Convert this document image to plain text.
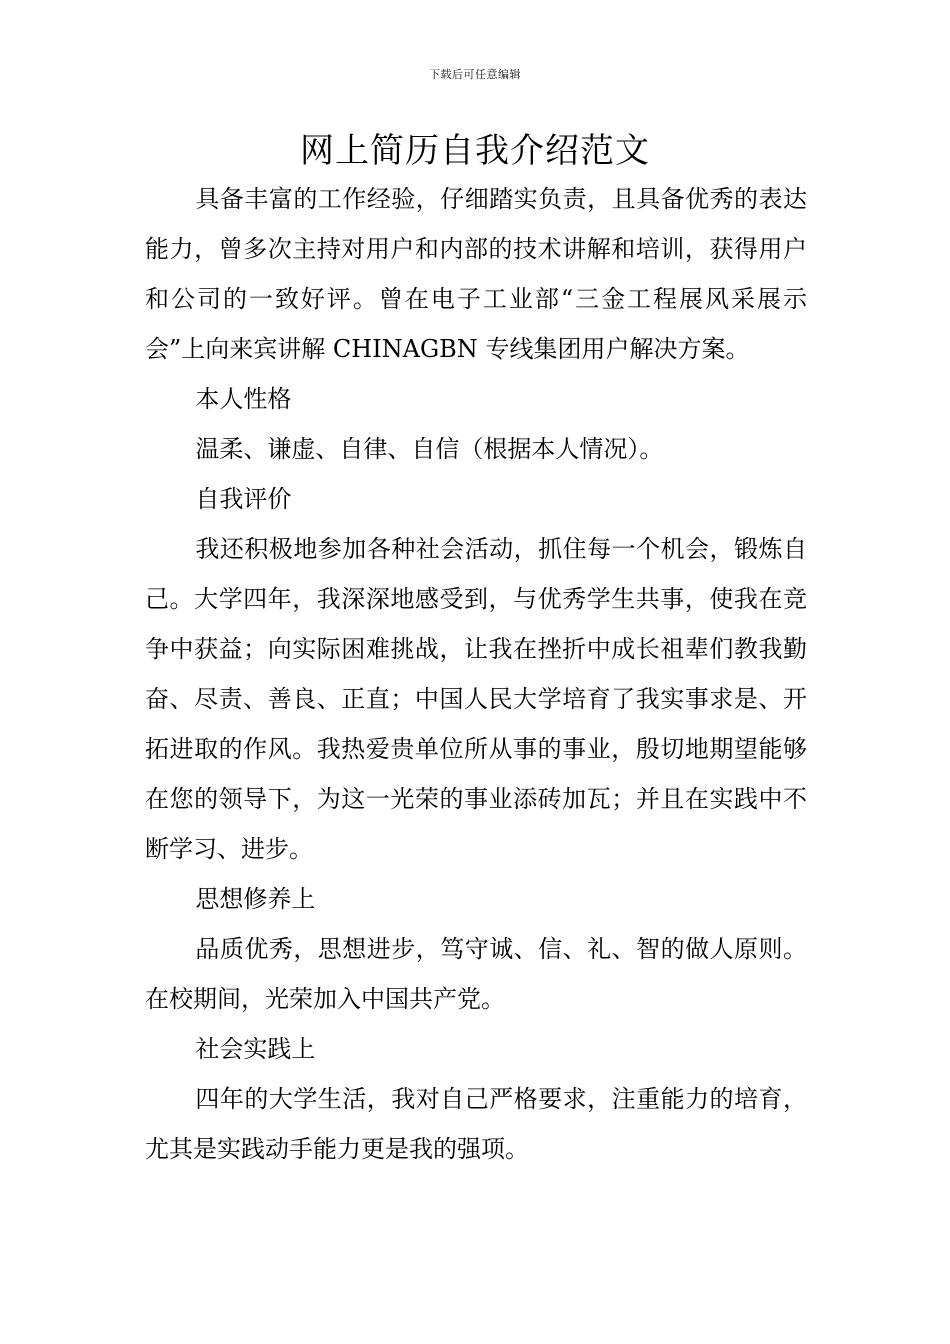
下载后可任意编辑
网上简历自我介绍范文

具备丰富的工作经验，仔细踏实负责，且具备优秀的表达能力，曾多次主持对用户和内部的技术讲解和培训，获得用户和公司的一致好评。曾在电子工业部“三金工程展风采展示会”上向来宾讲解 CHINAGBN 专线集团用户解决方案。

本人性格

温柔、谦虚、自律、自信（根据本人情况）。

自我评价

我还积极地参加各种社会活动，抓住每一个机会，锻炼自己。大学四年，我深深地感受到，与优秀学生共事，使我在竞争中获益；向实际困难挑战，让我在挫折中成长祖辈们教我勤奋、尽责、善良、正直；中国人民大学培育了我实事求是、开拓进取的作风。我热爱贵单位所从事的事业，殷切地期望能够在您的领导下，为这一光荣的事业添砖加瓦；并且在实践中不断学习、进步。

思想修养上

品质优秀，思想进步，笃守诚、信、礼、智的做人原则。在校期间，光荣加入中国共产党。

社会实践上

四年的大学生活，我对自己严格要求，注重能力的培育，尤其是实践动手能力更是我的强项。
